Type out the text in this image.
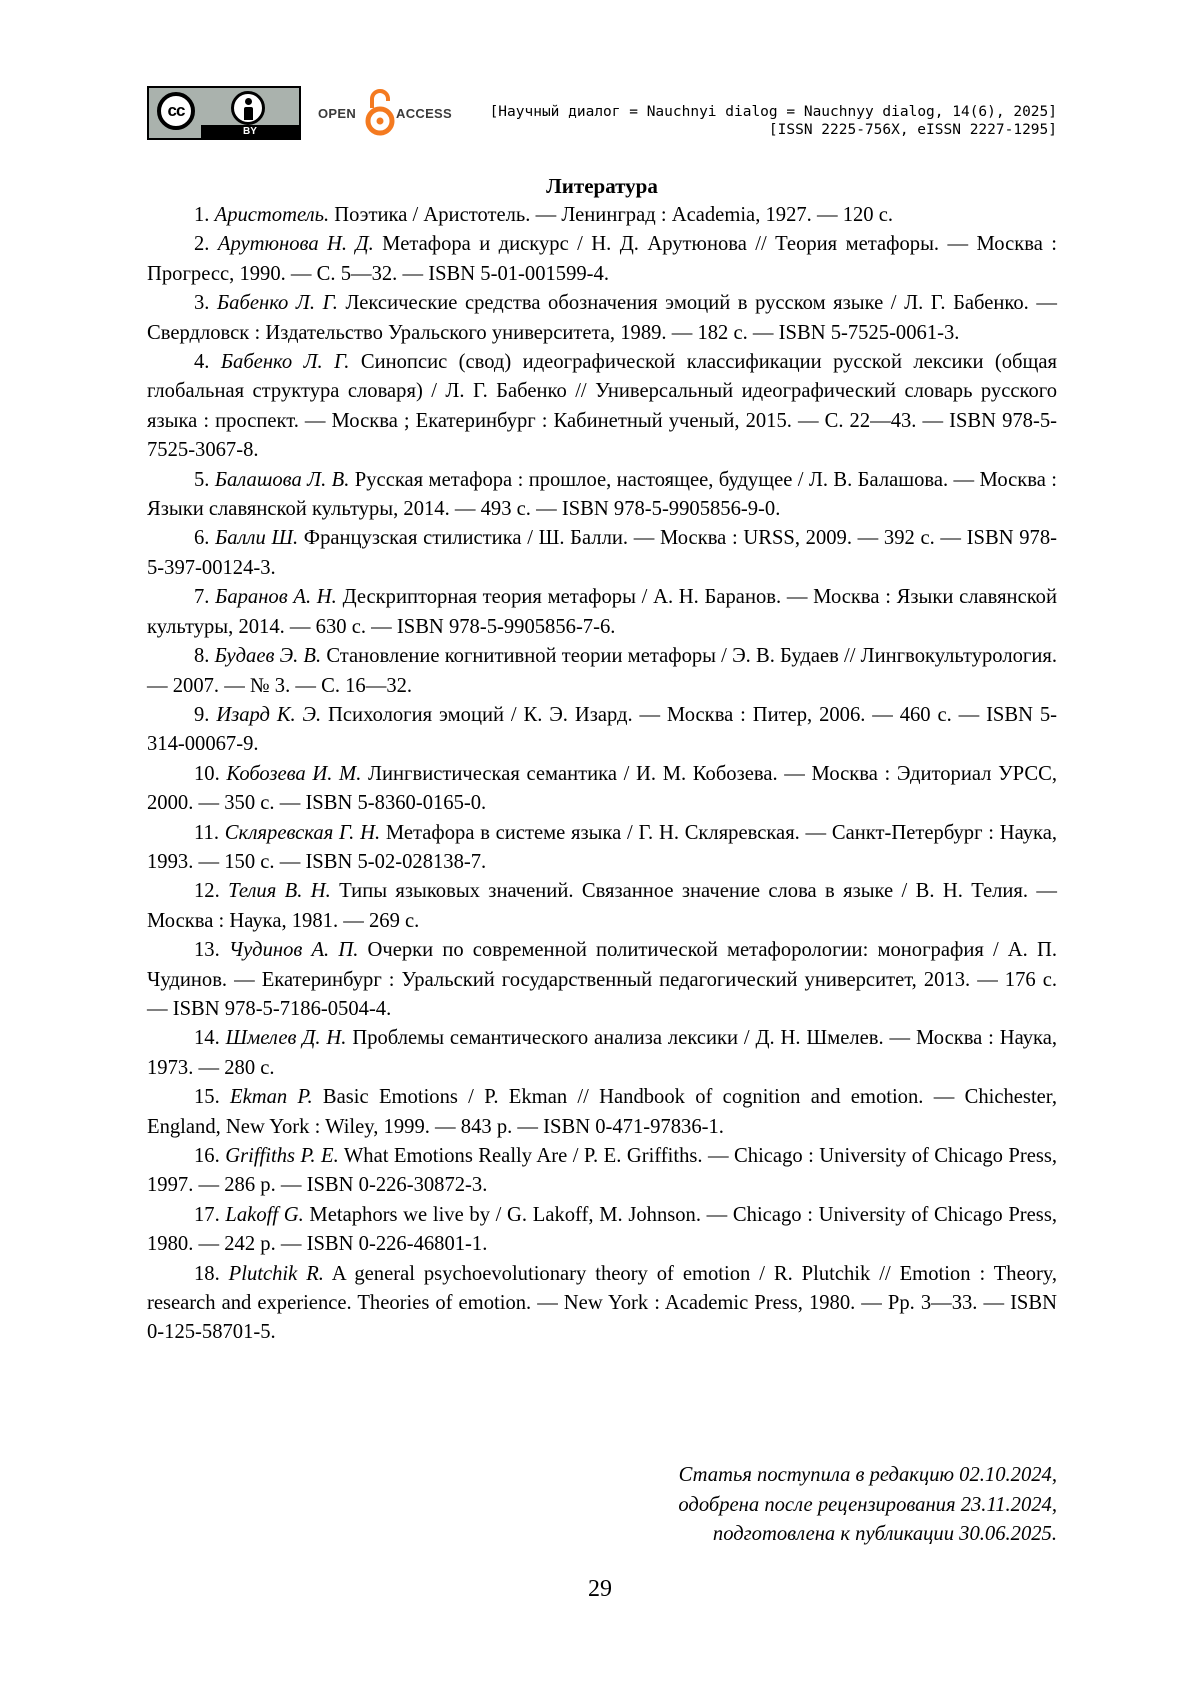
cc
BY
OPEN	ACCESS	[Научный диалог = Nauchnyi dialog = Nauchnyy dialog, 14(6), 2025]
[ISSN 2225-756X, eISSN 2227-1295]
Литература

1. Аристотель. Поэтика / Аристотель. — Ленинград : Academia, 1927. — 120 с.

2. Арутюнова Н. Д. Метафора и дискурс / Н. Д. Арутюнова // Теория метафоры. — Москва : Прогресс, 1990. — С. 5—32. — ISBN 5-01-001599-4.

3. Бабенко Л. Г. Лексические средства обозначения эмоций в русском языке / Л. Г. Бабенко. — Свердловск : Издательство Уральского университета, 1989. — 182 с. — ISBN 5-7525-0061-3.

4. Бабенко Л. Г. Синопсис (свод) идеографической классификации русской лексики (общая глобальная структура словаря) / Л. Г. Бабенко // Универсальный идеографический словарь русского языка : проспект. — Москва ; Екатеринбург : Кабинетный ученый, 2015. — С. 22—43. — ISBN 978-5-7525-3067-8.

5. Балашова Л. В. Русская метафора : прошлое, настоящее, будущее / Л. В. Балашова. — Москва : Языки славянской культуры, 2014. — 493 с. — ISBN 978-5-9905856-9-0.

6. Балли Ш. Французская стилистика / Ш. Балли. — Москва : URSS, 2009. — 392 с. — ISBN 978-5-397-00124-3.

7. Баранов А. Н. Дескрипторная теория метафоры / А. Н. Баранов. — Москва : Языки славянской культуры, 2014. — 630 с. — ISBN 978-5-9905856-7-6.

8. Будаев Э. В. Становление когнитивной теории метафоры / Э. В. Будаев // Лингвокультурология. — 2007. — № 3. — С. 16—32.

9. Изард К. Э. Психология эмоций / К. Э. Изард. — Москва : Питер, 2006. — 460 с. — ISBN 5-314-00067-9.

10. Кобозева И. М. Лингвистическая семантика / И. М. Кобозева. — Москва : Эдиториал УРСС, 2000. — 350 с. — ISBN 5-8360-0165-0.

11. Скляревская Г. Н. Метафора в системе языка / Г. Н. Скляревская. — Санкт-Петербург : Наука, 1993. — 150 с. — ISBN 5-02-028138-7.

12. Телия В. Н. Типы языковых значений. Связанное значение слова в языке / В. Н. Телия. — Москва : Наука, 1981. — 269 с.

13. Чудинов А. П. Очерки по современной политической метафорологии: монография / А. П. Чудинов. — Екатеринбург : Уральский государственный педагогический университет, 2013. — 176 с. — ISBN 978-5-7186-0504-4.

14. Шмелев Д. Н. Проблемы семантического анализа лексики / Д. Н. Шмелев. — Москва : Наука, 1973. — 280 с.

15. Ekman P. Basic Emotions / P. Ekman // Handbook of cognition and emotion. — Chichester, England, New York : Wiley, 1999. — 843 p. — ISBN 0-471-97836-1.

16. Griffiths P. E. What Emotions Really Are / P. E. Griffiths. — Chicago : University of Chicago Press, 1997. — 286 p. — ISBN 0-226-30872-3.

17. Lakoff G. Metaphors we live by / G. Lakoff, M. Johnson. — Chicago : University of Chicago Press, 1980. — 242 p. — ISBN 0-226-46801-1.

18. Plutchik R. A general psychoevolutionary theory of emotion / R. Plutchik // Emotion : Theory, research and experience. Theories of emotion. — New York : Academic Press, 1980. — Pp. 3—33. — ISBN 0-125-58701-5.

Статья поступила в редакцию 02.10.2024,
одобрена после рецензирования 23.11.2024,
подготовлена к публикации 30.06.2025.
29
